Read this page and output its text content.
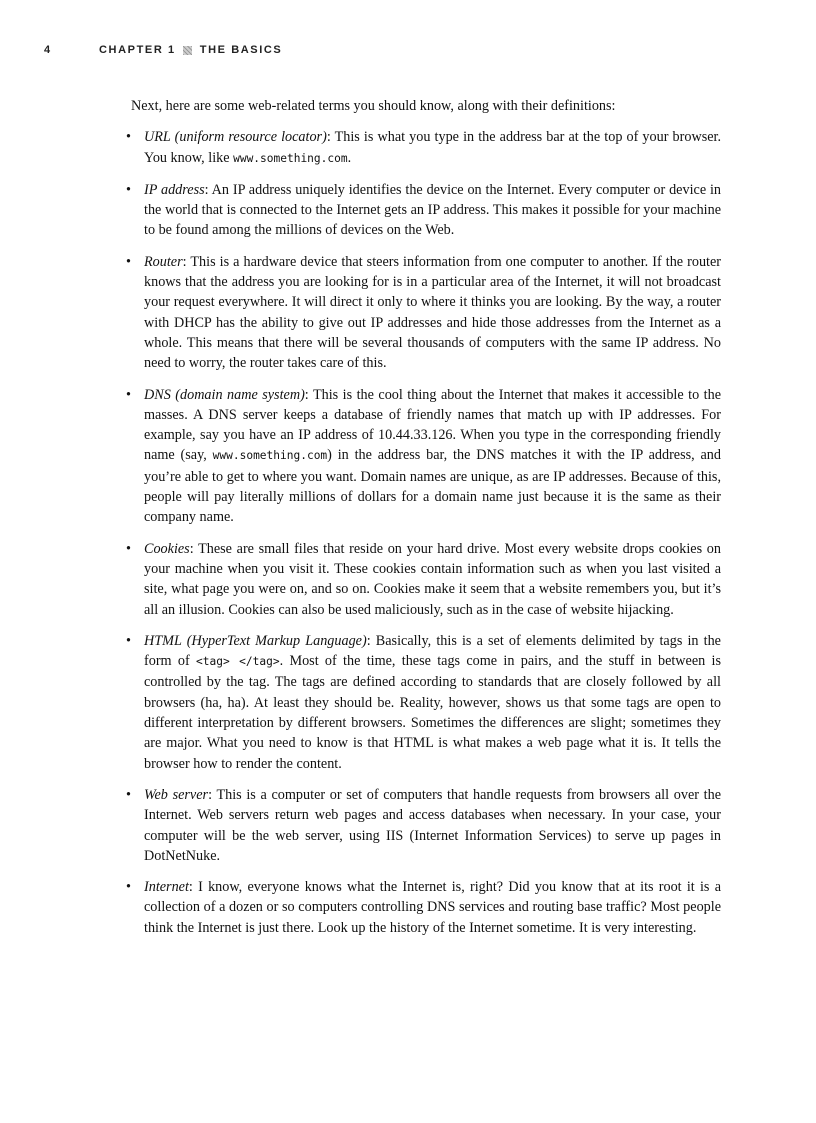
4	CHAPTER 1 THE BASICS

Next, here are some web-related terms you should know, along with their definitions:

• URL (uniform resource locator): This is what you type in the address bar at the top of your browser. You know, like www.something.com.
• IP address: An IP address uniquely identifies the device on the Internet. Every computer or device in the world that is connected to the Internet gets an IP address. This makes it possible for your machine to be found among the millions of devices on the Web.
• Router: This is a hardware device that steers information from one computer to another. If the router knows that the address you are looking for is in a particular area of the Internet, it will not broadcast your request everywhere. It will direct it only to where it thinks you are looking. By the way, a router with DHCP has the ability to give out IP addresses and hide those addresses from the Internet as a whole. This means that there will be several thousands of computers with the same IP address. No need to worry, the router takes care of this.
• DNS (domain name system): This is the cool thing about the Internet that makes it accessible to the masses. A DNS server keeps a database of friendly names that match up with IP addresses. For example, say you have an IP address of 10.44.33.126. When you type in the corresponding friendly name (say, www.something.com) in the address bar, the DNS matches it with the IP address, and you’re able to get to where you want. Domain names are unique, as are IP addresses. Because of this, people will pay literally millions of dollars for a domain name just because it is the same as their company name.
• Cookies: These are small files that reside on your hard drive. Most every website drops cookies on your machine when you visit it. These cookies contain information such as when you last visited a site, what page you were on, and so on. Cookies make it seem that a website remembers you, but it’s all an illusion. Cookies can also be used maliciously, such as in the case of website hijacking.
• HTML (HyperText Markup Language): Basically, this is a set of elements delimited by tags in the form of <tag> </tag>. Most of the time, these tags come in pairs, and the stuff in between is controlled by the tag. The tags are defined according to standards that are closely followed by all browsers (ha, ha). At least they should be. Reality, however, shows us that some tags are open to different interpretation by different browsers. Sometimes the differences are slight; sometimes they are major. What you need to know is that HTML is what makes a web page what it is. It tells the browser how to render the content.
• Web server: This is a computer or set of computers that handle requests from browsers all over the Internet. Web servers return web pages and access databases when necessary. In your case, your computer will be the web server, using IIS (Internet Information Services) to serve up pages in DotNetNuke.
• Internet: I know, everyone knows what the Internet is, right? Did you know that at its root it is a collection of a dozen or so computers controlling DNS services and routing base traffic? Most people think the Internet is just there. Look up the history of the Internet sometime. It is very interesting.
